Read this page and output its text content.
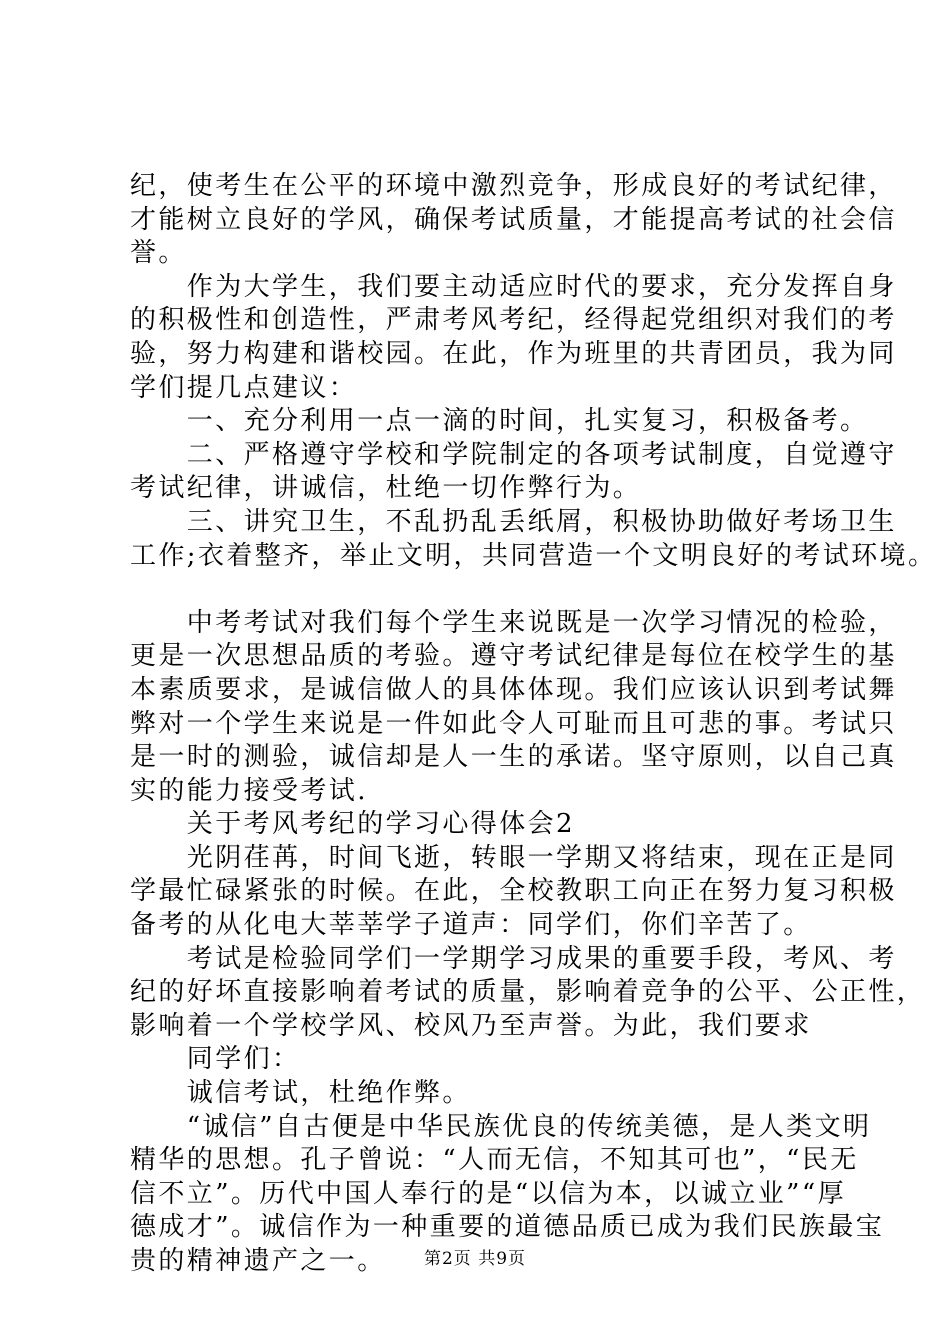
纪，使考生在公平的环境中激烈竞争，形成良好的考试纪律，
才能树立良好的学风，确保考试质量，才能提高考试的社会信
誉。
　　作为大学生，我们要主动适应时代的要求，充分发挥自身
的积极性和创造性，严肃考风考纪，经得起党组织对我们的考
验，努力构建和谐校园。在此，作为班里的共青团员，我为同
学们提几点建议：
　　一、充分利用一点一滴的时间，扎实复习，积极备考。
　　二、严格遵守学校和学院制定的各项考试制度，自觉遵守
考试纪律，讲诚信，杜绝一切作弊行为。
　　三、讲究卫生，不乱扔乱丢纸屑，积极协助做好考场卫生
工作;衣着整齐，举止文明，共同营造一个文明良好的考试环境。
　　中考考试对我们每个学生来说既是一次学习情况的检验，
更是一次思想品质的考验。遵守考试纪律是每位在校学生的基
本素质要求，是诚信做人的具体体现。我们应该认识到考试舞
弊对一个学生来说是一件如此令人可耻而且可悲的事。考试只
是一时的测验，诚信却是人一生的承诺。坚守原则，以自己真
实的能力接受考试.
　　关于考风考纪的学习心得体会2
　　光阴荏苒，时间飞逝，转眼一学期又将结束，现在正是同
学最忙碌紧张的时候。在此，全校教职工向正在努力复习积极
备考的从化电大莘莘学子道声：同学们，你们辛苦了。
　　考试是检验同学们一学期学习成果的重要手段，考风、考
纪的好坏直接影响着考试的质量，影响着竞争的公平、公正性，
影响着一个学校学风、校风乃至声誉。为此，我们要求
　　同学们：
　　诚信考试，杜绝作弊。
　　“诚信”自古便是中华民族优良的传统美德，是人类文明
精华的思想。孔子曾说：“人而无信，不知其可也”，“民无
信不立”。历代中国人奉行的是“以信为本，以诚立业”“厚
德成才”。诚信作为一种重要的道德品质已成为我们民族最宝
贵的精神遗产之一。	第2页 共9页
